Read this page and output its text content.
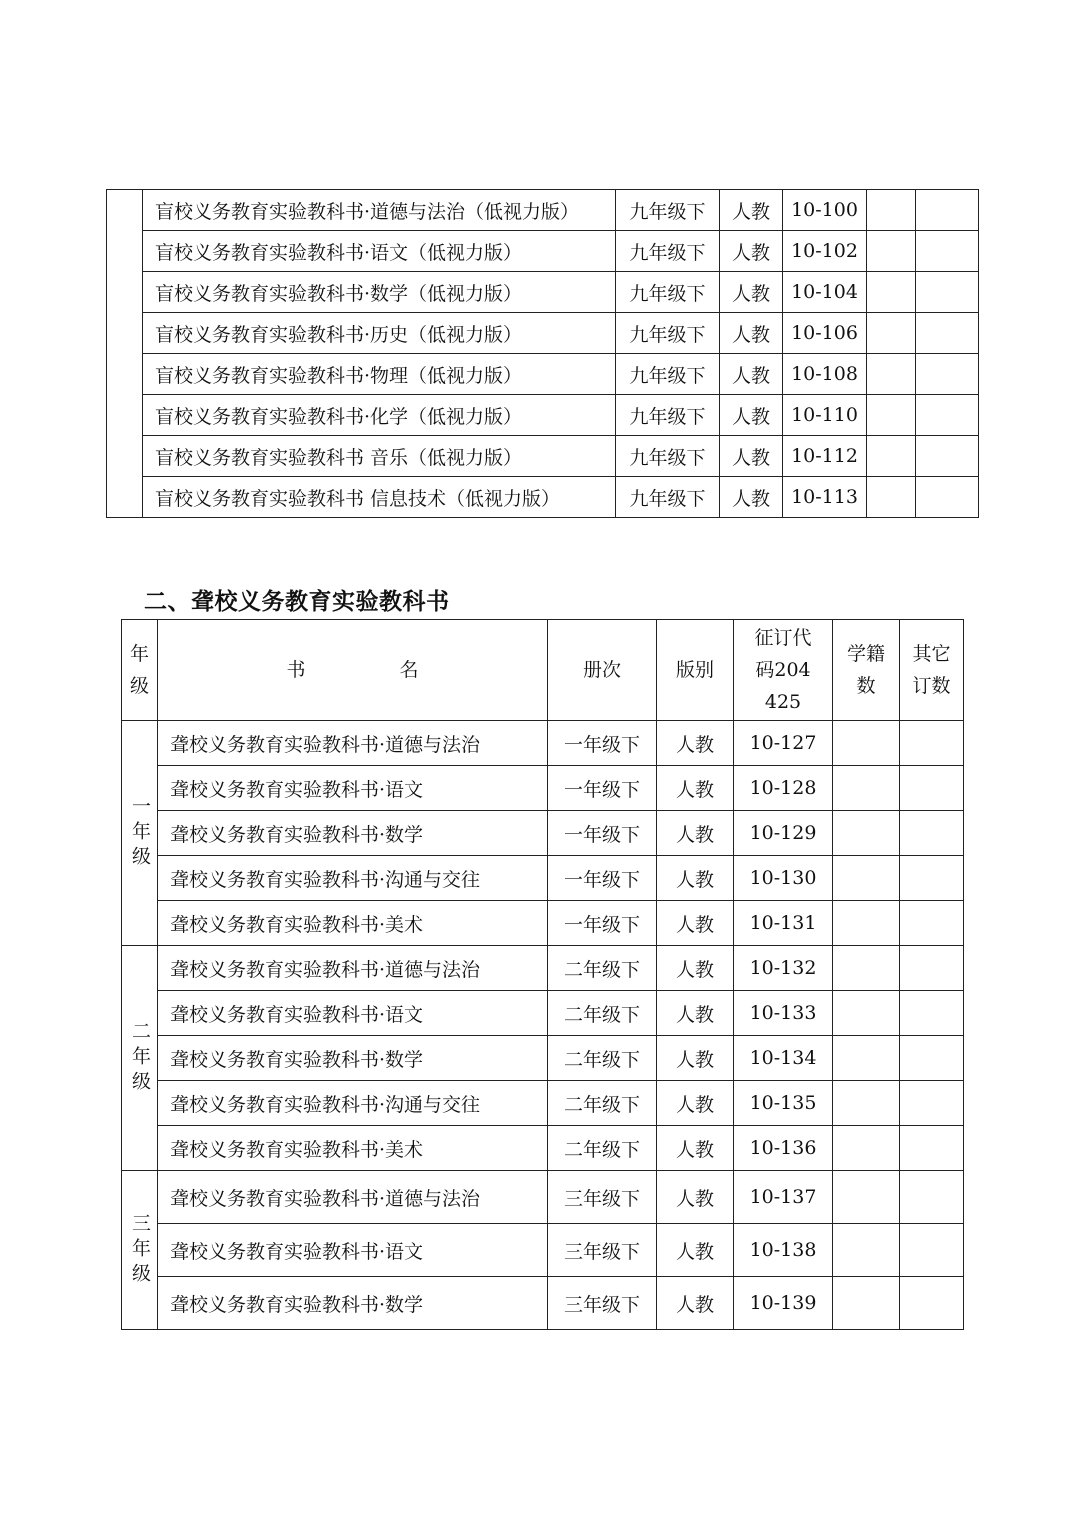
	盲校义务教育实验教科书·道德与法治（低视力版）	九年级下	人教	10-100		
	盲校义务教育实验教科书·语文（低视力版）	九年级下	人教	10-102		
	盲校义务教育实验教科书·数学（低视力版）	九年级下	人教	10-104		
	盲校义务教育实验教科书·历史（低视力版）	九年级下	人教	10-106		
	盲校义务教育实验教科书·物理（低视力版）	九年级下	人教	10-108		
	盲校义务教育实验教科书·化学（低视力版）	九年级下	人教	10-110		
	盲校义务教育实验教科书 音乐（低视力版）	九年级下	人教	10-112		
	盲校义务教育实验教科书 信息技术（低视力版）	九年级下	人教	10-113		
二、聋校义务教育实验教科书
年级	书 名	册次	版别	征订代码204425	学籍数	其它订数

一年级	聋校义务教育实验教科书·道德与法治	一年级下	人教	10-127		
	聋校义务教育实验教科书·语文	一年级下	人教	10-128		
	聋校义务教育实验教科书·数学	一年级下	人教	10-129		
	聋校义务教育实验教科书·沟通与交往	一年级下	人教	10-130		
	聋校义务教育实验教科书·美术	一年级下	人教	10-131		

二年级	聋校义务教育实验教科书·道德与法治	二年级下	人教	10-132		
	聋校义务教育实验教科书·语文	二年级下	人教	10-133		
	聋校义务教育实验教科书·数学	二年级下	人教	10-134		
	聋校义务教育实验教科书·沟通与交往	二年级下	人教	10-135		
	聋校义务教育实验教科书·美术	二年级下	人教	10-136		

三年级	聋校义务教育实验教科书·道德与法治	三年级下	人教	10-137		
	聋校义务教育实验教科书·语文	三年级下	人教	10-138		
	聋校义务教育实验教科书·数学	三年级下	人教	10-139		
